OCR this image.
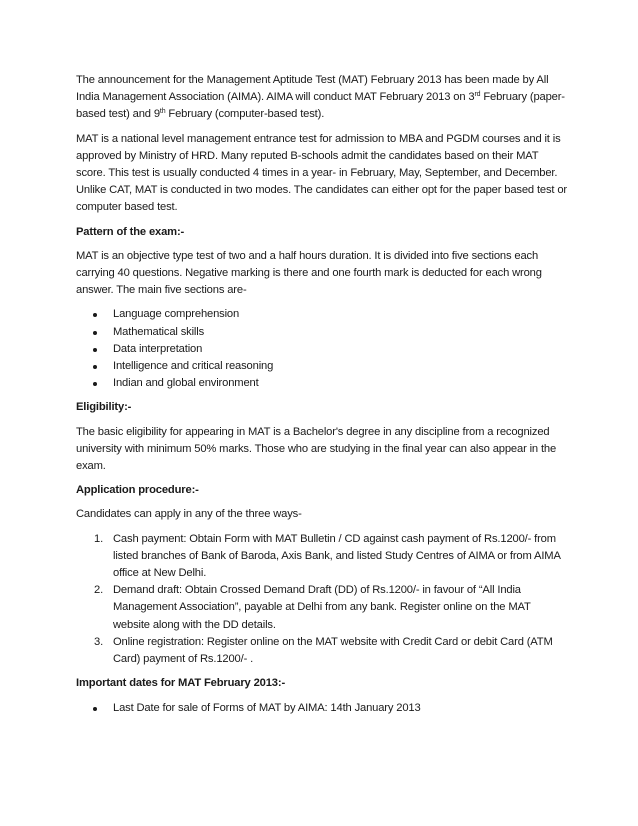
The announcement for the Management Aptitude Test (MAT) February 2013 has been made by All India Management Association (AIMA). AIMA will conduct MAT February 2013 on 3rd February (paper-based test) and 9th February (computer-based test).

MAT is a national level management entrance test for admission to MBA and PGDM courses and it is approved by Ministry of HRD. Many reputed B-schools admit the candidates based on their MAT score. This test is usually conducted 4 times in a year- in February, May, September, and December. Unlike CAT, MAT is conducted in two modes. The candidates can either opt for the paper based test or computer based test.

Pattern of the exam:-

MAT is an objective type test of two and a half hours duration. It is divided into five sections each carrying 40 questions. Negative marking is there and one fourth mark is deducted for each wrong answer. The main five sections are-

Language comprehension
Mathematical skills
Data interpretation
Intelligence and critical reasoning
Indian and global environment

Eligibility:-

The basic eligibility for appearing in MAT is a Bachelor's degree in any discipline from a recognized university with minimum 50% marks. Those who are studying in the final year can also appear in the exam.

Application procedure:-

Candidates can apply in any of the three ways-

1. Cash payment: Obtain Form with MAT Bulletin / CD against cash payment of Rs.1200/- from listed branches of Bank of Baroda, Axis Bank, and listed Study Centres of AIMA or from AIMA office at New Delhi.
2. Demand draft: Obtain Crossed Demand Draft (DD) of Rs.1200/- in favour of “All India Management Association”, payable at Delhi from any bank. Register online on the MAT website along with the DD details.
3. Online registration: Register online on the MAT website with Credit Card or debit Card (ATM Card) payment of Rs.1200/- .

Important dates for MAT February 2013:-

Last Date for sale of Forms of MAT by AIMA: 14th January 2013
